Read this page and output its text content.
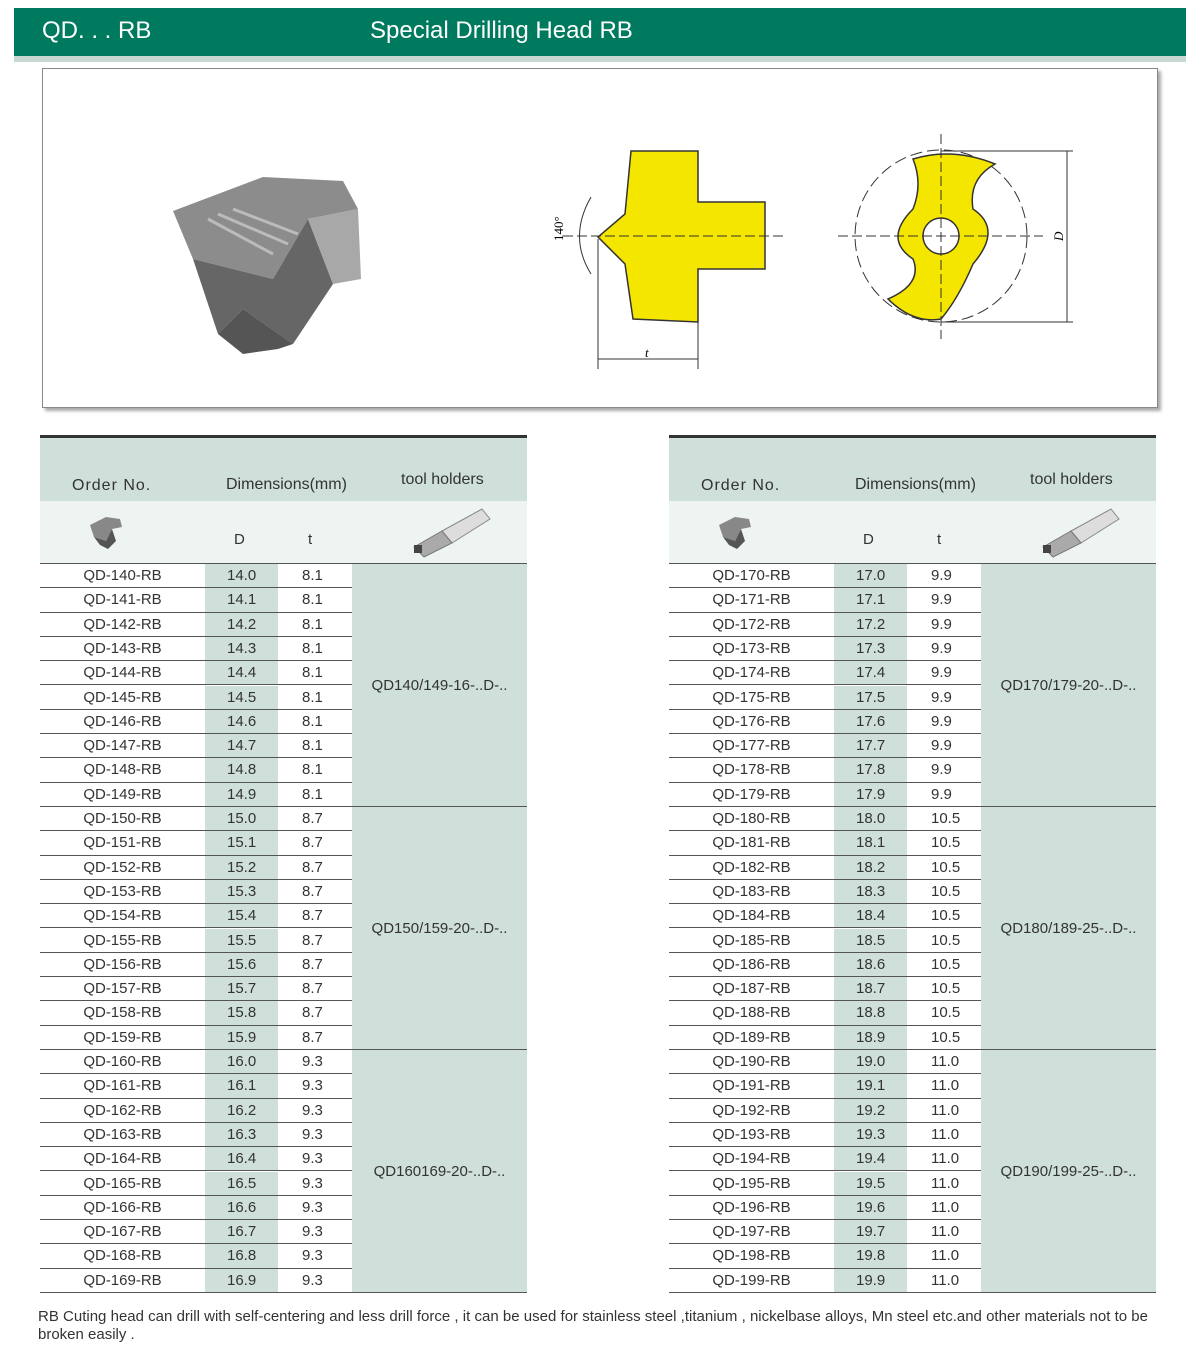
QD. . . RB	Special Drilling Head RB
140°
t
D
Order No.	Dimensions(mm)	tool holders
D	t
QD-140-RB	14.0	8.1
QD-141-RB	14.1	8.1
QD-142-RB	14.2	8.1
QD-143-RB	14.3	8.1
QD-144-RB	14.4	8.1
QD-145-RB	14.5	8.1
QD-146-RB	14.6	8.1
QD-147-RB	14.7	8.1
QD-148-RB	14.8	8.1
QD-149-RB	14.9	8.1
QD-150-RB	15.0	8.7
QD-151-RB	15.1	8.7
QD-152-RB	15.2	8.7
QD-153-RB	15.3	8.7
QD-154-RB	15.4	8.7
QD-155-RB	15.5	8.7
QD-156-RB	15.6	8.7
QD-157-RB	15.7	8.7
QD-158-RB	15.8	8.7
QD-159-RB	15.9	8.7
QD-160-RB	16.0	9.3
QD-161-RB	16.1	9.3
QD-162-RB	16.2	9.3
QD-163-RB	16.3	9.3
QD-164-RB	16.4	9.3
QD-165-RB	16.5	9.3
QD-166-RB	16.6	9.3
QD-167-RB	16.7	9.3
QD-168-RB	16.8	9.3
QD-169-RB	16.9	9.3
QD140/149-16-..D-..
QD150/159-20-..D-..
QD160169-20-..D-..
Order No.	Dimensions(mm)	tool holders
D	t
QD-170-RB	17.0	9.9
QD-171-RB	17.1	9.9
QD-172-RB	17.2	9.9
QD-173-RB	17.3	9.9
QD-174-RB	17.4	9.9
QD-175-RB	17.5	9.9
QD-176-RB	17.6	9.9
QD-177-RB	17.7	9.9
QD-178-RB	17.8	9.9
QD-179-RB	17.9	9.9
QD-180-RB	18.0	10.5
QD-181-RB	18.1	10.5
QD-182-RB	18.2	10.5
QD-183-RB	18.3	10.5
QD-184-RB	18.4	10.5
QD-185-RB	18.5	10.5
QD-186-RB	18.6	10.5
QD-187-RB	18.7	10.5
QD-188-RB	18.8	10.5
QD-189-RB	18.9	10.5
QD-190-RB	19.0	11.0
QD-191-RB	19.1	11.0
QD-192-RB	19.2	11.0
QD-193-RB	19.3	11.0
QD-194-RB	19.4	11.0
QD-195-RB	19.5	11.0
QD-196-RB	19.6	11.0
QD-197-RB	19.7	11.0
QD-198-RB	19.8	11.0
QD-199-RB	19.9	11.0
QD170/179-20-..D-..
QD180/189-25-..D-..
QD190/199-25-..D-..
RB Cuting head can drill with self-centering and less drill force , it can be used for stainless steel ,titanium , nickelbase alloys, Mn steel etc.and other materials not to be broken easily .
